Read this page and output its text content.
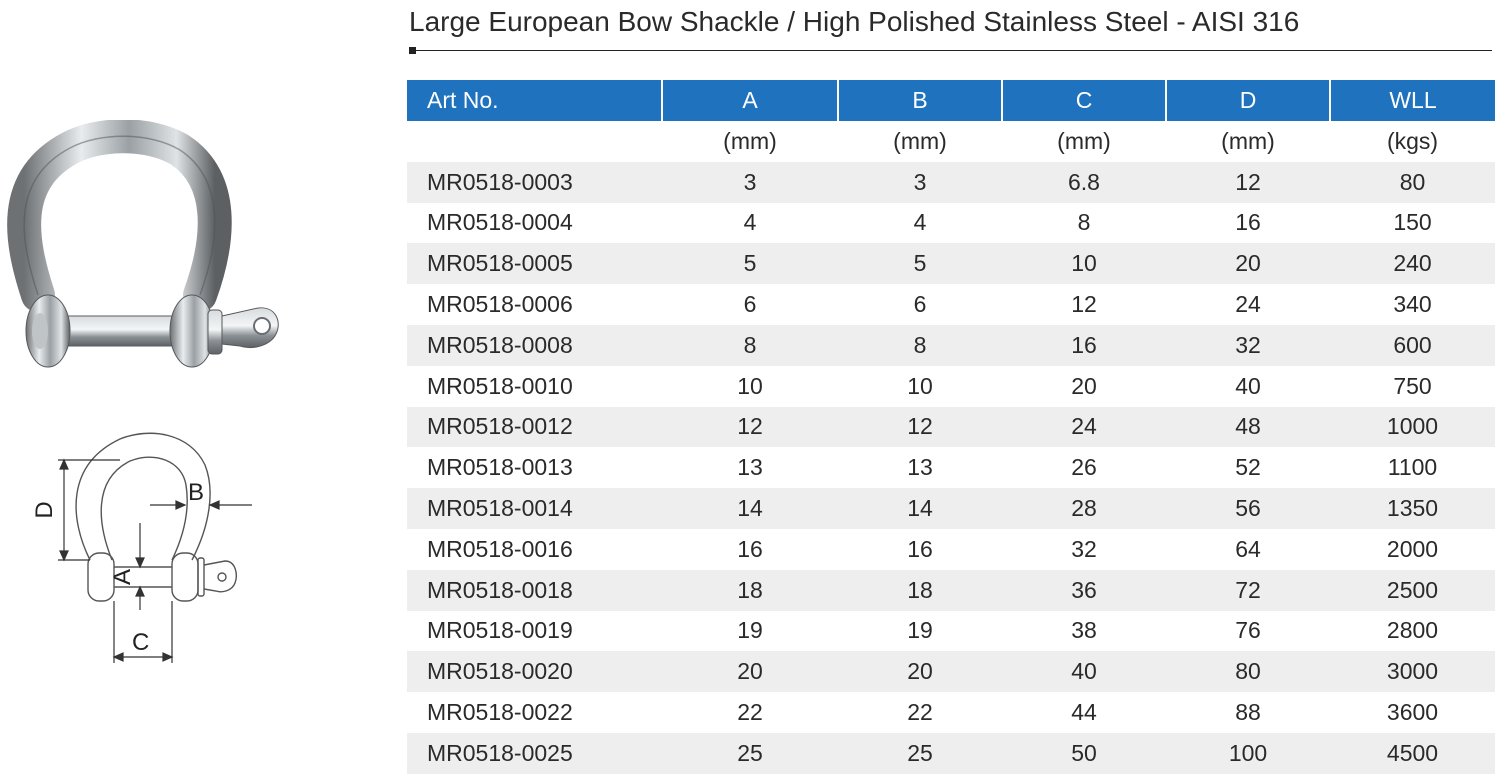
D
B
A
C
Large European Bow Shackle / High Polished Stainless Steel - AISI 316
Art No.	A	B	C	D	WLL
	(mm)	(mm)	(mm)	(mm)	(kgs)
MR0518-0003	3	3	6.8	12	80
MR0518-0004	4	4	8	16	150
MR0518-0005	5	5	10	20	240
MR0518-0006	6	6	12	24	340
MR0518-0008	8	8	16	32	600
MR0518-0010	10	10	20	40	750
MR0518-0012	12	12	24	48	1000
MR0518-0013	13	13	26	52	1100
MR0518-0014	14	14	28	56	1350
MR0518-0016	16	16	32	64	2000
MR0518-0018	18	18	36	72	2500
MR0518-0019	19	19	38	76	2800
MR0518-0020	20	20	40	80	3000
MR0518-0022	22	22	44	88	3600
MR0518-0025	25	25	50	100	4500
